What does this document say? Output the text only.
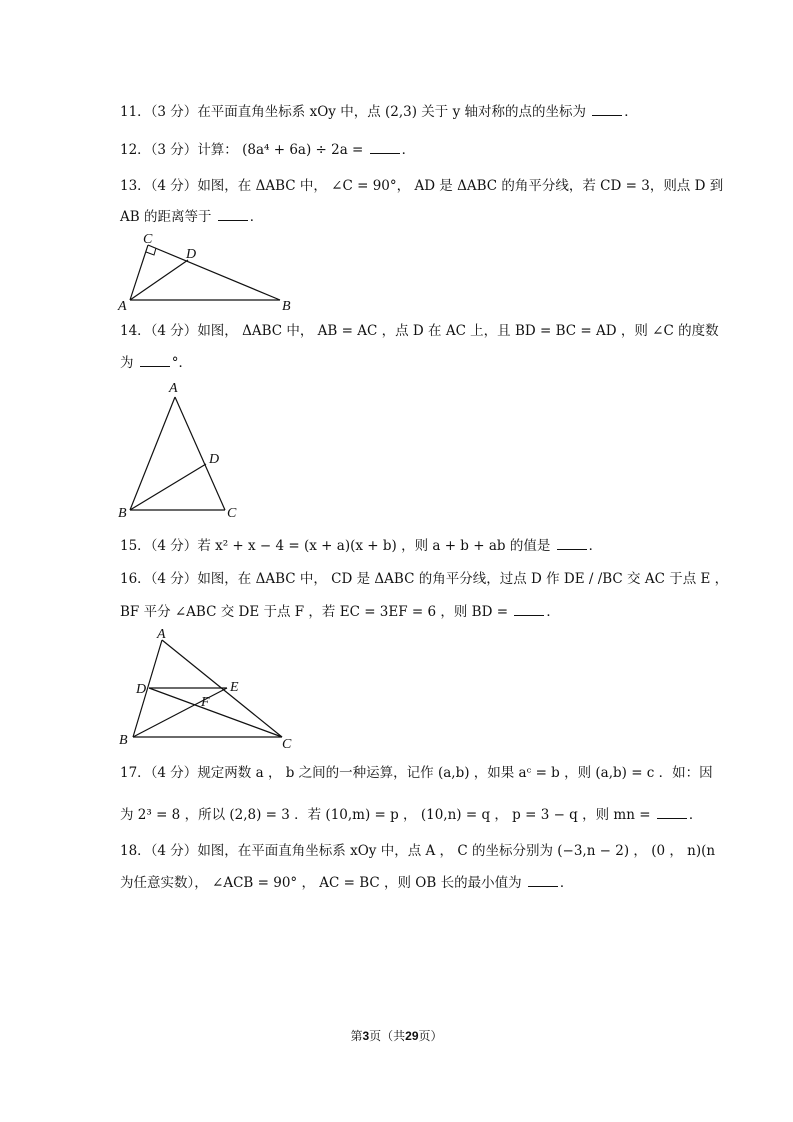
11．（3 分）在平面直角坐标系 xOy 中，点 (2,3) 关于 y 轴对称的点的坐标为	．
12．（3 分）计算： (8a⁴ + 6a) ÷ 2a =	．
13．（4 分）如图，在 ΔABC 中， ∠C = 90°， AD 是 ΔABC 的角平分线，若 CD = 3，则点 D 到
AB 的距离等于	．
C
D
A	B
14．（4 分）如图， ΔABC 中， AB = AC ，点 D 在 AC 上，且 BD = BC = AD ，则 ∠C 的度数
为	°．
A
D
B	C
15．（4 分）若 x² + x − 4 = (x + a)(x + b) ，则 a + b + ab 的值是	．
16．（4 分）如图，在 ΔABC 中， CD 是 ΔABC 的角平分线，过点 D 作 DE / /BC 交 AC 于点 E ，
BF 平分 ∠ABC 交 DE 于点 F ，若 EC = 3EF = 6 ，则 BD =	．
A
D	E
F
B	C
17．（4 分）规定两数 a ， b 之间的一种运算，记作 (a,b) ，如果 aᶜ = b ，则 (a,b) = c ．如：因
为 2³ = 8 ，所以 (2,8) = 3 ．若 (10,m) = p ， (10,n) = q ， p = 3 − q ，则 mn =	．
18．（4 分）如图，在平面直角坐标系 xOy 中，点 A ， C 的坐标分别为 (−3,n − 2) ， (0 ， n)(n
为任意实数）， ∠ACB = 90° ， AC = BC ，则 OB 长的最小值为	．
第3页（共29页）
